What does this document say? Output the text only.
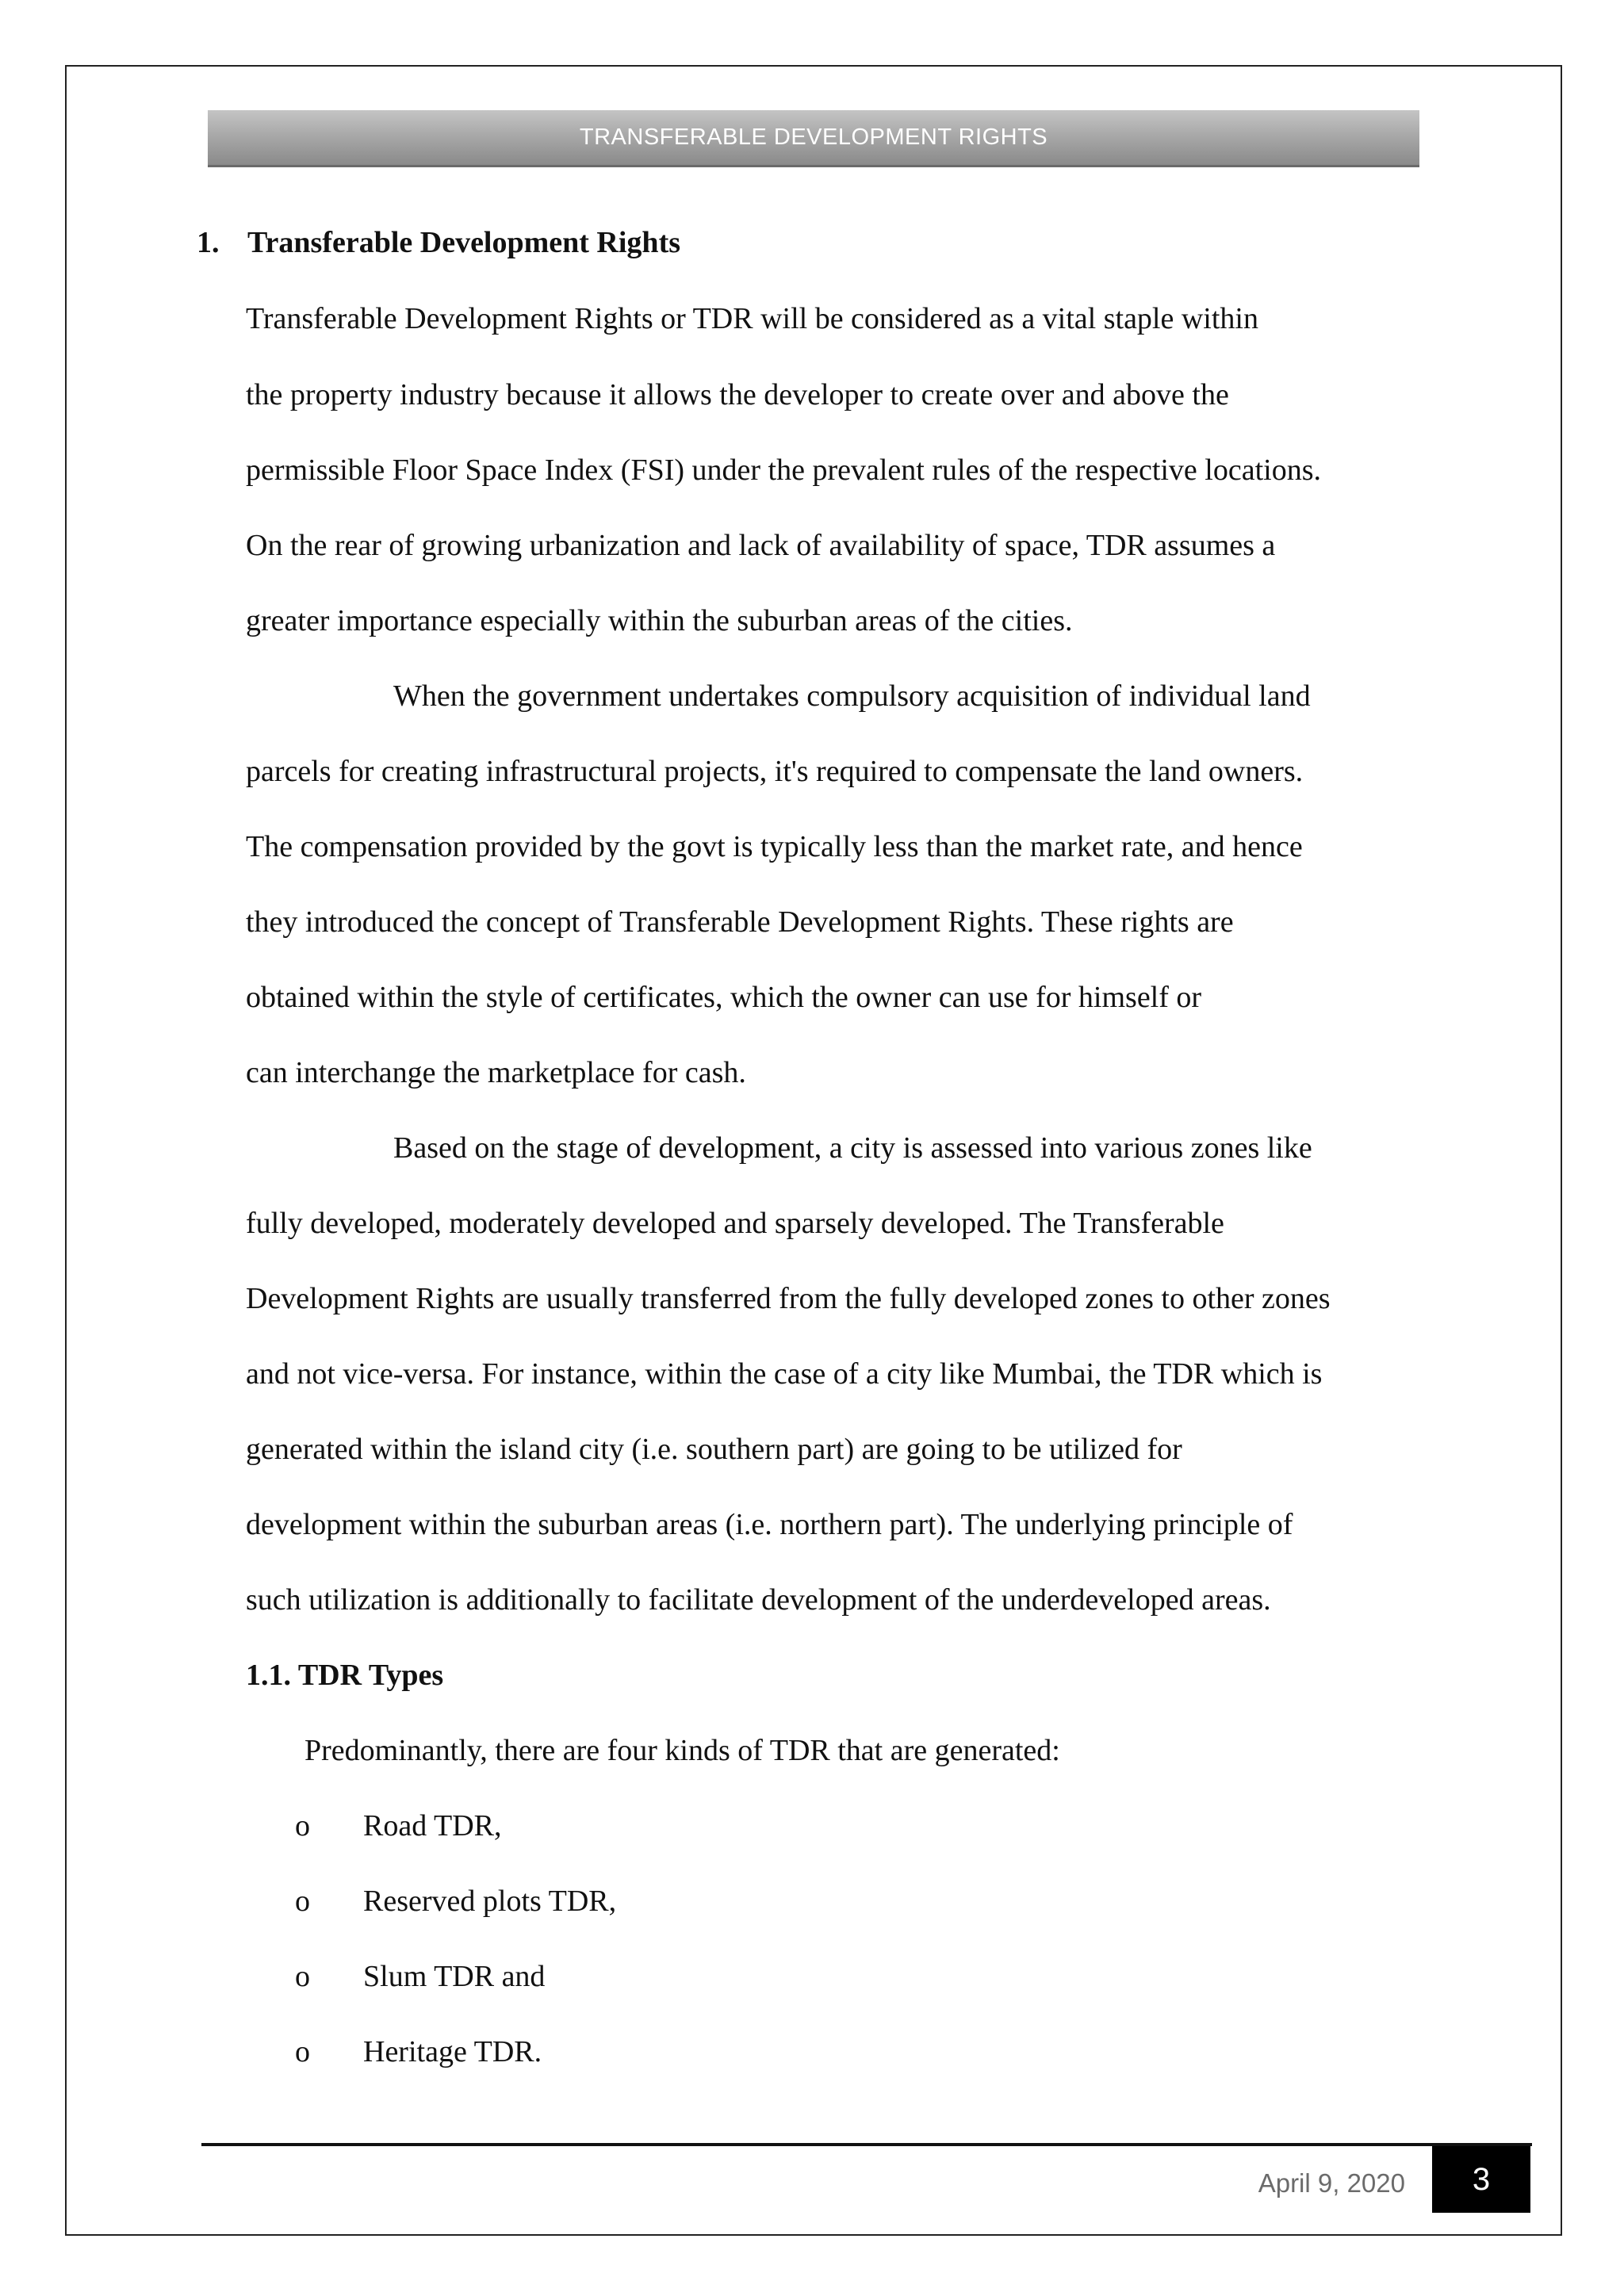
TRANSFERABLE DEVELOPMENT RIGHTS
1. Transferable Development Rights
Transferable Development Rights or TDR will be considered as a vital staple within
the property industry because it allows the developer to create over and above the
permissible Floor Space Index (FSI) under the prevalent rules of the respective locations.
On the rear of growing urbanization and lack of availability of space, TDR assumes a
greater importance especially within the suburban areas of the cities.
When the government undertakes compulsory acquisition of individual land
parcels for creating infrastructural projects, it's required to compensate the land owners.
The compensation provided by the govt is typically less than the market rate, and hence
they introduced the concept of Transferable Development Rights. These rights are
obtained within the style of certificates, which the owner can use for himself or
can interchange the marketplace for cash.
Based on the stage of development, a city is assessed into various zones like
fully developed, moderately developed and sparsely developed. The Transferable
Development Rights are usually transferred from the fully developed zones to other zones
and not vice-versa. For instance, within the case of a city like Mumbai, the TDR which is
generated within the island city (i.e. southern part) are going to be utilized for
development within the suburban areas (i.e. northern part). The underlying principle of
such utilization is additionally to facilitate development of the underdeveloped areas.
1.1. TDR Types
Predominantly, there are four kinds of TDR that are generated:
o	Road TDR,
o	Reserved plots TDR,
o	Slum TDR and
o	Heritage TDR.
April 9, 2020 3
